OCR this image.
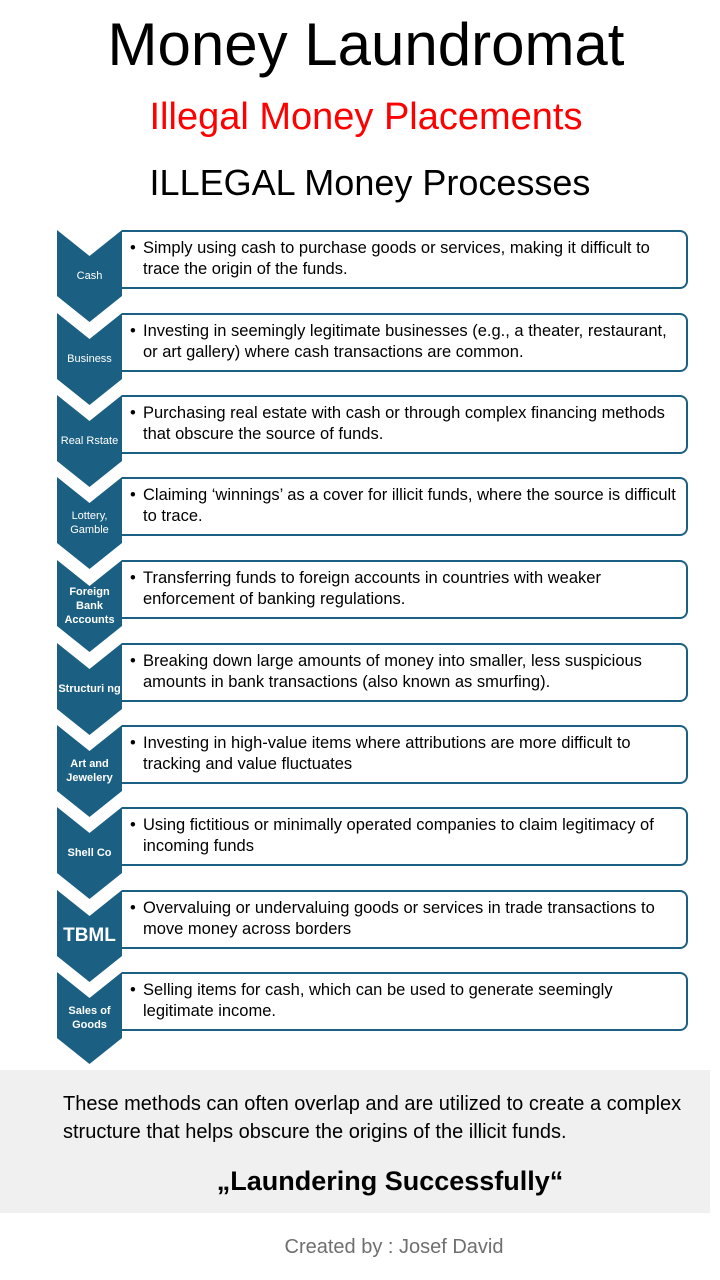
Money Laundromat
Illegal Money Placements
ILLEGAL Money Processes
Cash
• Simply using cash to purchase goods or services, making it difficult to trace the origin of the funds.
Business
• Investing in seemingly legitimate businesses (e.g., a theater, restaurant, or art gallery) where cash transactions are common.
Real Rstate
• Purchasing real estate with cash or through complex financing methods that obscure the source of funds.
Lottery, Gamble
• Claiming ‘winnings’ as a cover for illicit funds, where the source is difficult to trace.
Foreign Bank Accounts
• Transferring funds to foreign accounts in countries with weaker enforcement of banking regulations.
Structuri ng
• Breaking down large amounts of money into smaller, less suspicious amounts in bank transactions (also known as smurfing).
Art and Jewelery
• Investing in high-value items where attributions are more difficult to tracking and value fluctuates
Shell Co
• Using fictitious or minimally operated companies to claim legitimacy of incoming funds
TBML
• Overvaluing or undervaluing goods or services in trade transactions to move money across borders
Sales of Goods
• Selling items for cash, which can be used to generate seemingly legitimate income.
These methods can often overlap and are utilized to create a complex structure that helps obscure the origins of the illicit funds.
„Laundering Successfully“
Created by : Josef David
